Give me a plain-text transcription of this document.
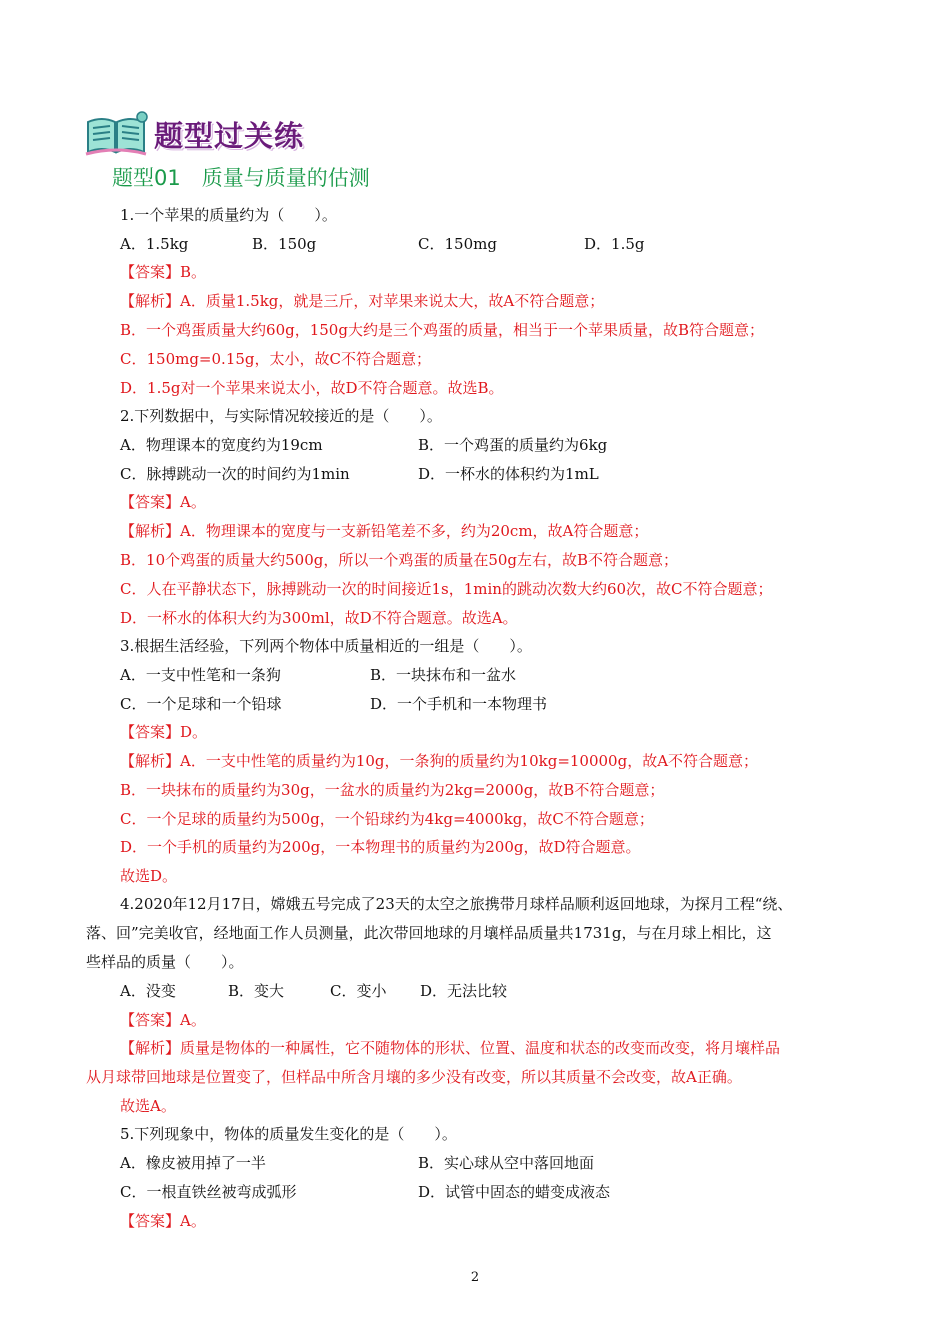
题型过关练
题型01　质量与质量的估测
1.一个苹果的质量约为（　　）。
A．1.5kg	B．150g	C．150mg	D．1.5g
【答案】B。
【解析】A．质量1.5kg，就是三斤，对苹果来说太大，故A不符合题意；
B．一个鸡蛋质量大约60g，150g大约是三个鸡蛋的质量，相当于一个苹果质量，故B符合题意；
C．150mg=0.15g，太小，故C不符合题意；
D．1.5g对一个苹果来说太小，故D不符合题意。故选B。
2.下列数据中，与实际情况较接近的是（　　）。
A．物理课本的宽度约为19cm	B．一个鸡蛋的质量约为6kg
C．脉搏跳动一次的时间约为1min	D．一杯水的体积约为1mL
【答案】A。
【解析】A．物理课本的宽度与一支新铅笔差不多，约为20cm，故A符合题意；
B．10个鸡蛋的质量大约500g，所以一个鸡蛋的质量在50g左右，故B不符合题意；
C．人在平静状态下，脉搏跳动一次的时间接近1s，1min的跳动次数大约60次，故C不符合题意；
D．一杯水的体积大约为300ml，故D不符合题意。故选A。
3.根据生活经验，下列两个物体中质量相近的一组是（　　）。
A．一支中性笔和一条狗	B．一块抹布和一盆水
C．一个足球和一个铅球	D．一个手机和一本物理书
【答案】D。
【解析】A．一支中性笔的质量约为10g，一条狗的质量约为10kg=10000g，故A不符合题意；
B．一块抹布的质量约为30g，一盆水的质量约为2kg=2000g，故B不符合题意；
C．一个足球的质量约为500g，一个铅球约为4kg=4000kg，故C不符合题意；
D．一个手机的质量约为200g，一本物理书的质量约为200g，故D符合题意。
故选D。
4.2020年12月17日，嫦娥五号完成了23天的太空之旅携带月球样品顺利返回地球，为探月工程“绕、
落、回”完美收官，经地面工作人员测量，此次带回地球的月壤样品质量共1731g，与在月球上相比，这
些样品的质量（　　）。
A．没变	B．变大	C．变小 D．无法比较
【答案】A。
【解析】质量是物体的一种属性，它不随物体的形状、位置、温度和状态的改变而改变，将月壤样品
从月球带回地球是位置变了，但样品中所含月壤的多少没有改变，所以其质量不会改变，故A正确。
故选A。
5.下列现象中，物体的质量发生变化的是（　　）。
A．橡皮被用掉了一半	B．实心球从空中落回地面
C．一根直铁丝被弯成弧形	D．试管中固态的蜡变成液态
【答案】A。
2
